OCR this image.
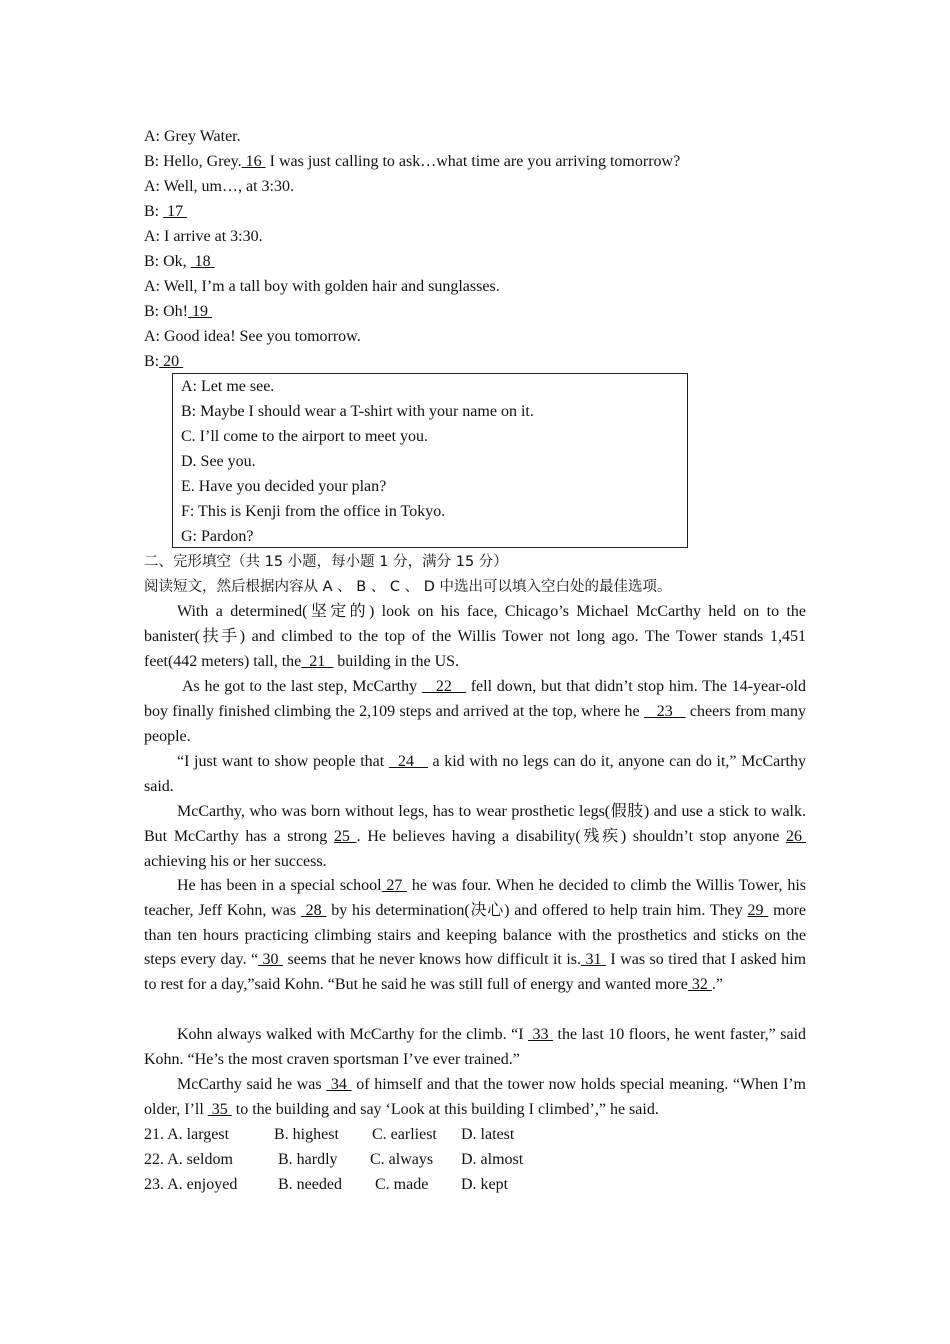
A: Grey Water.
B: Hello, Grey. 16  I was just calling to ask…what time are you arriving tomorrow?
A: Well, um…, at 3:30.
B:  17
A: I arrive at 3:30.
B: Ok,  18
A: Well, I’m a tall boy with golden hair and sunglasses.
B: Oh! 19
A: Good idea! See you tomorrow.
B: 20
A: Let me see.
B: Maybe I should wear a T-shirt with your name on it.
C. I’ll come to the airport to meet you.
D. See you.
E. Have you decided your plan?
F: This is Kenji from the office in Tokyo.
G: Pardon?
二、完形填空（共 15 小题，每小题 1 分，满分 15 分）
阅读短文，然后根据内容从 A 、 B 、 C 、 D 中选出可以填入空白处的最佳选项。
With a determined(坚定的) look on his face, Chicago’s Michael McCarthy held on to the banister(扶手) and climbed to the top of the Willis Tower not long ago. The Tower stands 1,451 feet(442 meters) tall, the  21   building in the US.
As he got to the last step, McCarthy    22    fell down, but that didn’t stop him. The 14-year-old boy finally finished climbing the 2,109 steps and arrived at the top, where he    23    cheers from many people.
“I just want to show people that   24    a kid with no legs can do it, anyone can do it,” McCarthy said.
McCarthy, who was born without legs, has to wear prosthetic legs(假肢) and use a stick to walk. But McCarthy has a strong 25 . He believes having a disability(残疾) shouldn’t stop anyone 26  achieving his or her success.
He has been in a special school 27  he was four. When he decided to climb the Willis Tower, his teacher, Jeff Kohn, was  28  by his determination(决心) and offered to help train him. They 29  more than ten hours practicing climbing stairs and keeping balance with the prosthetics and sticks on the steps every day. “ 30  seems that he never knows how difficult it is. 31  I was so tired that I asked him to rest for a day,”said Kohn. “But he said he was still full of energy and wanted more 32 .”
Kohn always walked with McCarthy for the climb. “I  33  the last 10 floors, he went faster,” said Kohn. “He’s the most craven sportsman I’ve ever trained.”
McCarthy said he was  34  of himself and that the tower now holds special meaning. “When I’m older, I’ll  35  to the building and say ‘Look at this building I climbed’,” he said.
21. A. largest	B. highest C. earliest D. latest
22. A. seldom	B. hardly C. always D. almost
23. A. enjoyed	B. needed C. made D. kept
